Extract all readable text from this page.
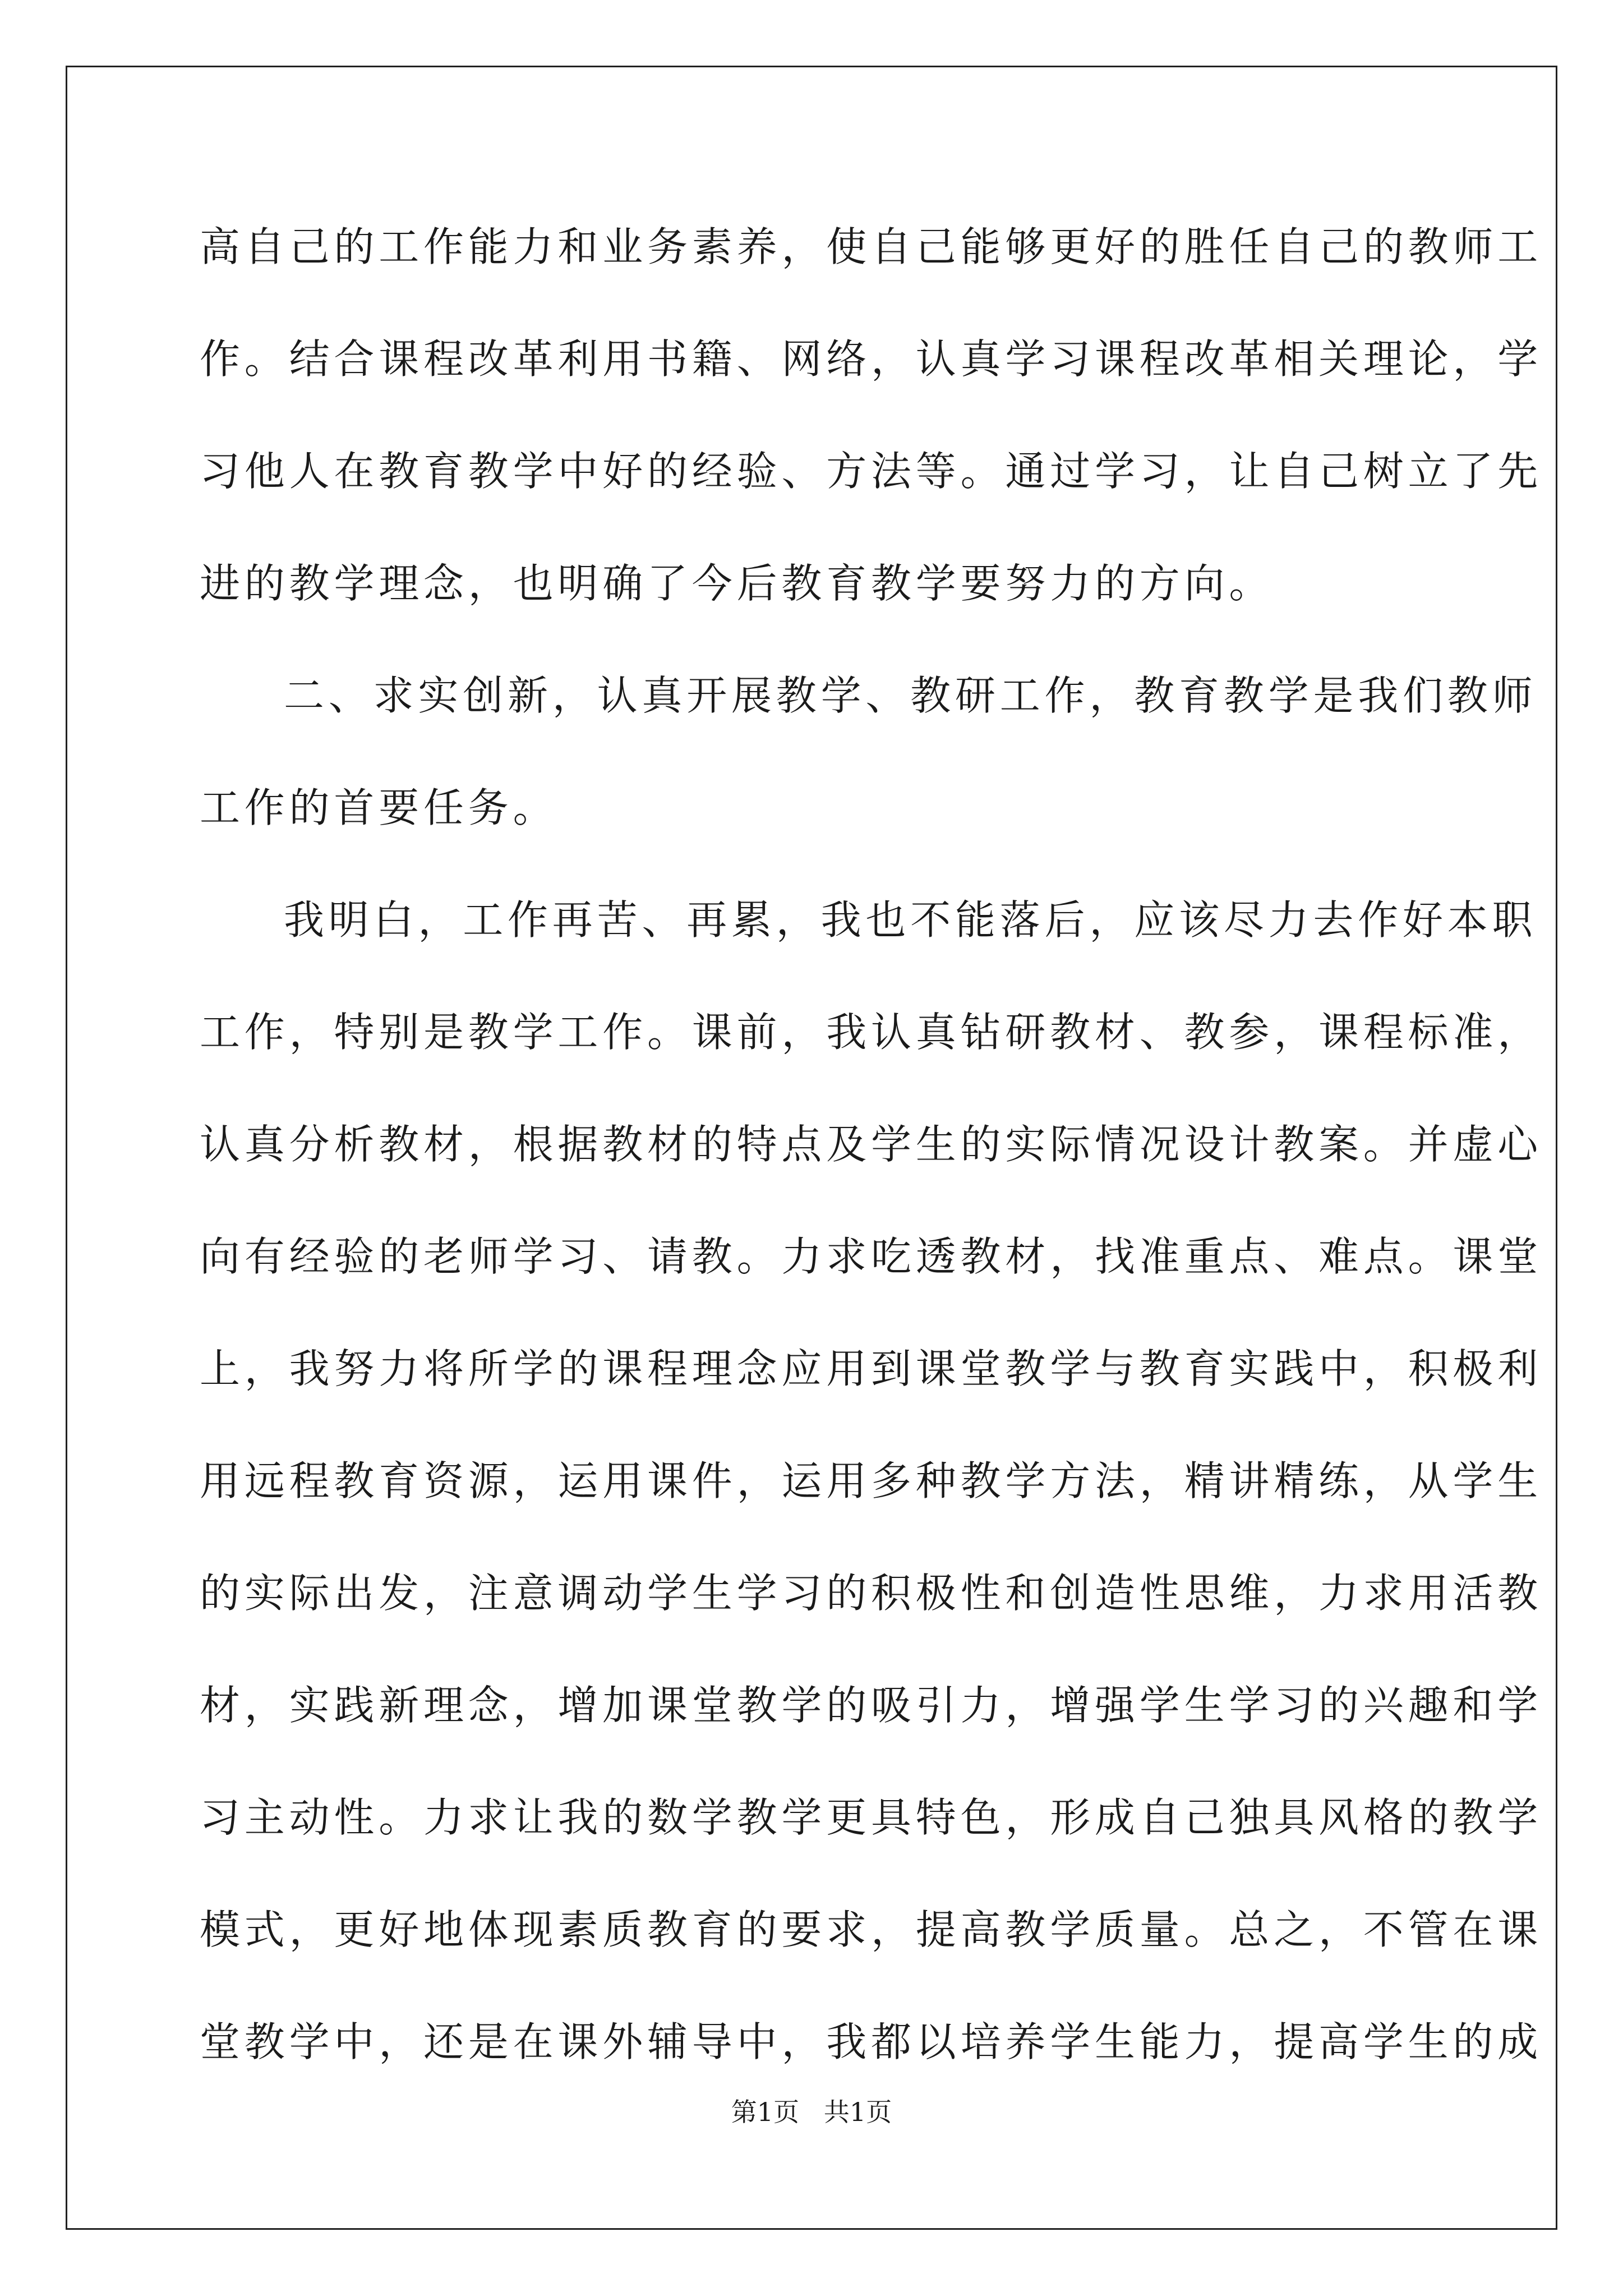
高自己的工作能力和业务素养，使自己能够更好的胜任自己的教师工
作。结合课程改革利用书籍、网络，认真学习课程改革相关理论，学
习他人在教育教学中好的经验、方法等。通过学习，让自己树立了先
进的教学理念，也明确了今后教育教学要努力的方向。
二、求实创新，认真开展教学、教研工作，教育教学是我们教师
工作的首要任务。
我明白，工作再苦、再累，我也不能落后，应该尽力去作好本职
工作，特别是教学工作。课前，我认真钻研教材、教参，课程标准，
认真分析教材，根据教材的特点及学生的实际情况设计教案。并虚心
向有经验的老师学习、请教。力求吃透教材，找准重点、难点。课堂
上，我努力将所学的课程理念应用到课堂教学与教育实践中，积极利
用远程教育资源，运用课件，运用多种教学方法，精讲精练，从学生
的实际出发，注意调动学生学习的积极性和创造性思维，力求用活教
材，实践新理念，增加课堂教学的吸引力，增强学生学习的兴趣和学
习主动性。力求让我的数学教学更具特色，形成自己独具风格的教学
模式，更好地体现素质教育的要求，提高教学质量。总之，不管在课
堂教学中，还是在课外辅导中，我都以培养学生能力，提高学生的成
第1页   共1页
